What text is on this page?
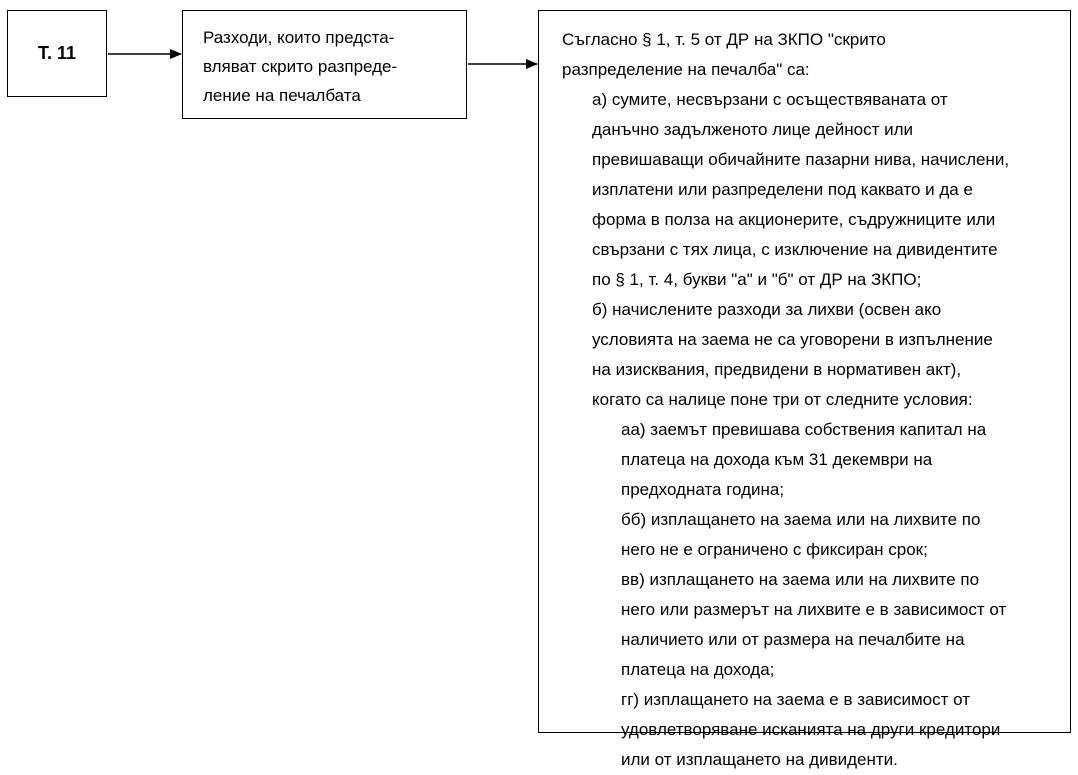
Т. 11
Разходи, които предста-
вляват скрито разпреде-
ление на печалбата
Съгласно § 1, т. 5 от ДР на ЗКПО "скрито
разпределение на печалба" са:
а) сумите, несвързани с осъществяваната от
данъчно задълженото лице дейност или
превишаващи обичайните пазарни нива, начислени,
изплатени или разпределени под каквато и да е
форма в полза на акционерите, съдружниците или
свързани с тях лица, с изключение на дивидентите
по § 1, т. 4, букви "а" и "б" от ДР на ЗКПО;
б) начислените разходи за лихви (освен ако
условията на заема не са уговорени в изпълнение
на изисквания, предвидени в нормативен акт),
когато са налице поне три от следните условия:
аа) заемът превишава собствения капитал на
платеца на дохода към 31 декември на
предходната година;
бб) изплащането на заема или на лихвите по
него не е ограничено с фиксиран срок;
вв) изплащането на заема или на лихвите по
него или размерът на лихвите е в зависимост от
наличието или от размера на печалбите на
платеца на дохода;
гг) изплащането на заема е в зависимост от
удовлетворяване исканията на други кредитори
или от изплащането на дивиденти.
